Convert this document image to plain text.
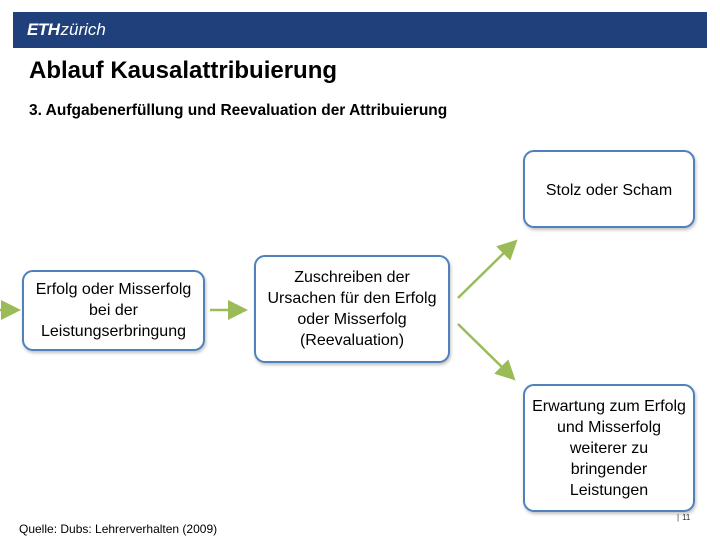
ETHzürich
Ablauf Kausalattribuierung
3. Aufgabenerfüllung und Reevaluation der Attribuierung
Erfolg oder Misserfolg bei der Leistungserbringung
Zuschreiben der Ursachen für den Erfolg oder Misserfolg (Reevaluation)
Stolz oder Scham
Erwartung zum Erfolg und Misserfolg weiterer zu bringender Leistungen
Quelle: Dubs: Lehrerverhalten (2009)
| 11
